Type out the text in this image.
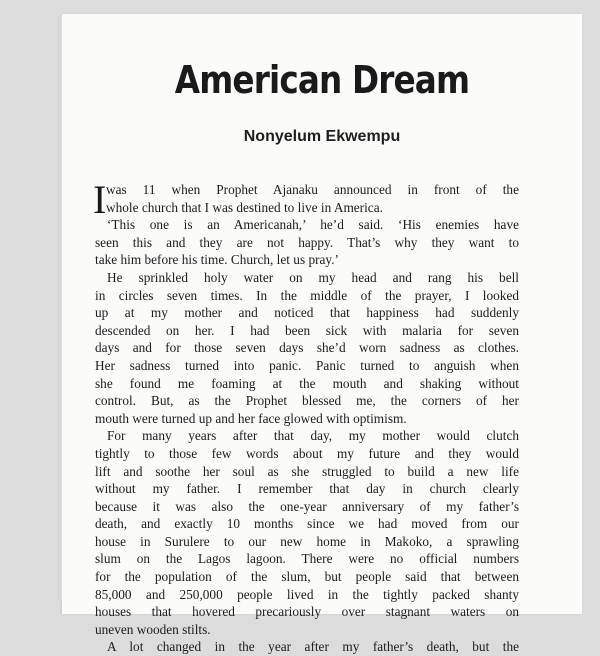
American Dream
Nonyelum Ekwempu
I was 11 when Prophet Ajanaku announced in front of the
whole church that I was destined to live in America.
‘This one is an Americanah,’ he’d said. ‘His enemies have
seen this and they are not happy. That’s why they want to
take him before his time. Church, let us pray.’
He sprinkled holy water on my head and rang his bell
in circles seven times. In the middle of the prayer, I looked
up at my mother and noticed that happiness had suddenly
descended on her. I had been sick with malaria for seven
days and for those seven days she’d worn sadness as clothes.
Her sadness turned into panic. Panic turned to anguish when
she found me foaming at the mouth and shaking without
control. But, as the Prophet blessed me, the corners of her
mouth were turned up and her face glowed with optimism.
For many years after that day, my mother would clutch
tightly to those few words about my future and they would
lift and soothe her soul as she struggled to build a new life
without my father. I remember that day in church clearly
because it was also the one-year anniversary of my father’s
death, and exactly 10 months since we had moved from our
house in Surulere to our new home in Makoko, a sprawling
slum on the Lagos lagoon. There were no official numbers
for the population of the slum, but people said that between
85,000 and 250,000 people lived in the tightly packed shanty
houses that hovered precariously over stagnant waters on
uneven wooden stilts.
A lot changed in the year after my father’s death, but the
